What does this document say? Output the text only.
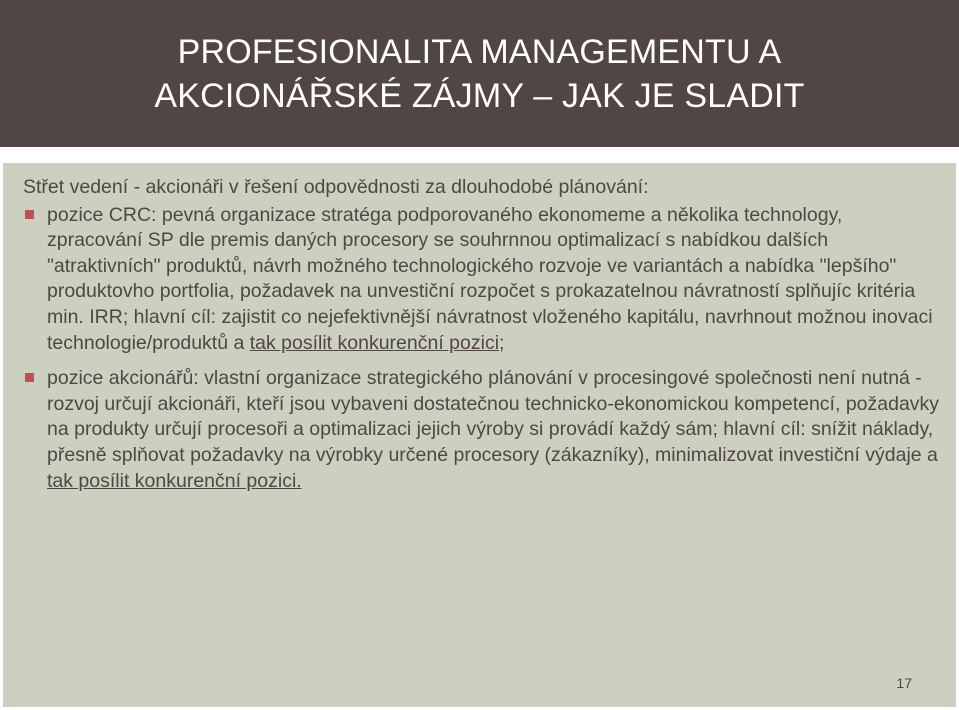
PROFESIONALITA MANAGEMENTU A
AKCIONÁŘSKÉ ZÁJMY – JAK JE SLADIT

Střet vedení - akcionáři v řešení odpovědnosti za dlouhodobé plánování:

pozice CRC: pevná organizace stratéga podporovaného ekonomeme a několika technology, zpracování SP dle premis daných procesory se souhrnnou optimalizací s nabídkou dalších "atraktivních" produktů, návrh možného technologického rozvoje ve variantách a nabídka "lepšího" produktovho portfolia, požadavek na unvestiční rozpočet s prokazatelnou návratností splňujíc kritéria min. IRR; hlavní cíl: zajistit co nejefektivnější návratnost vloženého kapitálu, navrhnout možnou inovaci technologie/produktů a tak posílit konkurenční pozici;

pozice akcionářů: vlastní organizace strategického plánování v procesingové společnosti není nutná - rozvoj určují akcionáři, kteří jsou vybaveni dostatečnou technicko-ekonomickou kompetencí, požadavky na produkty určují procesoři a optimalizaci jejich výroby si provádí každý sám; hlavní cíl: snížit náklady, přesně splňovat požadavky na výrobky určené procesory (zákazníky), minimalizovat investiční výdaje a tak posílit konkurenční pozici.

17
